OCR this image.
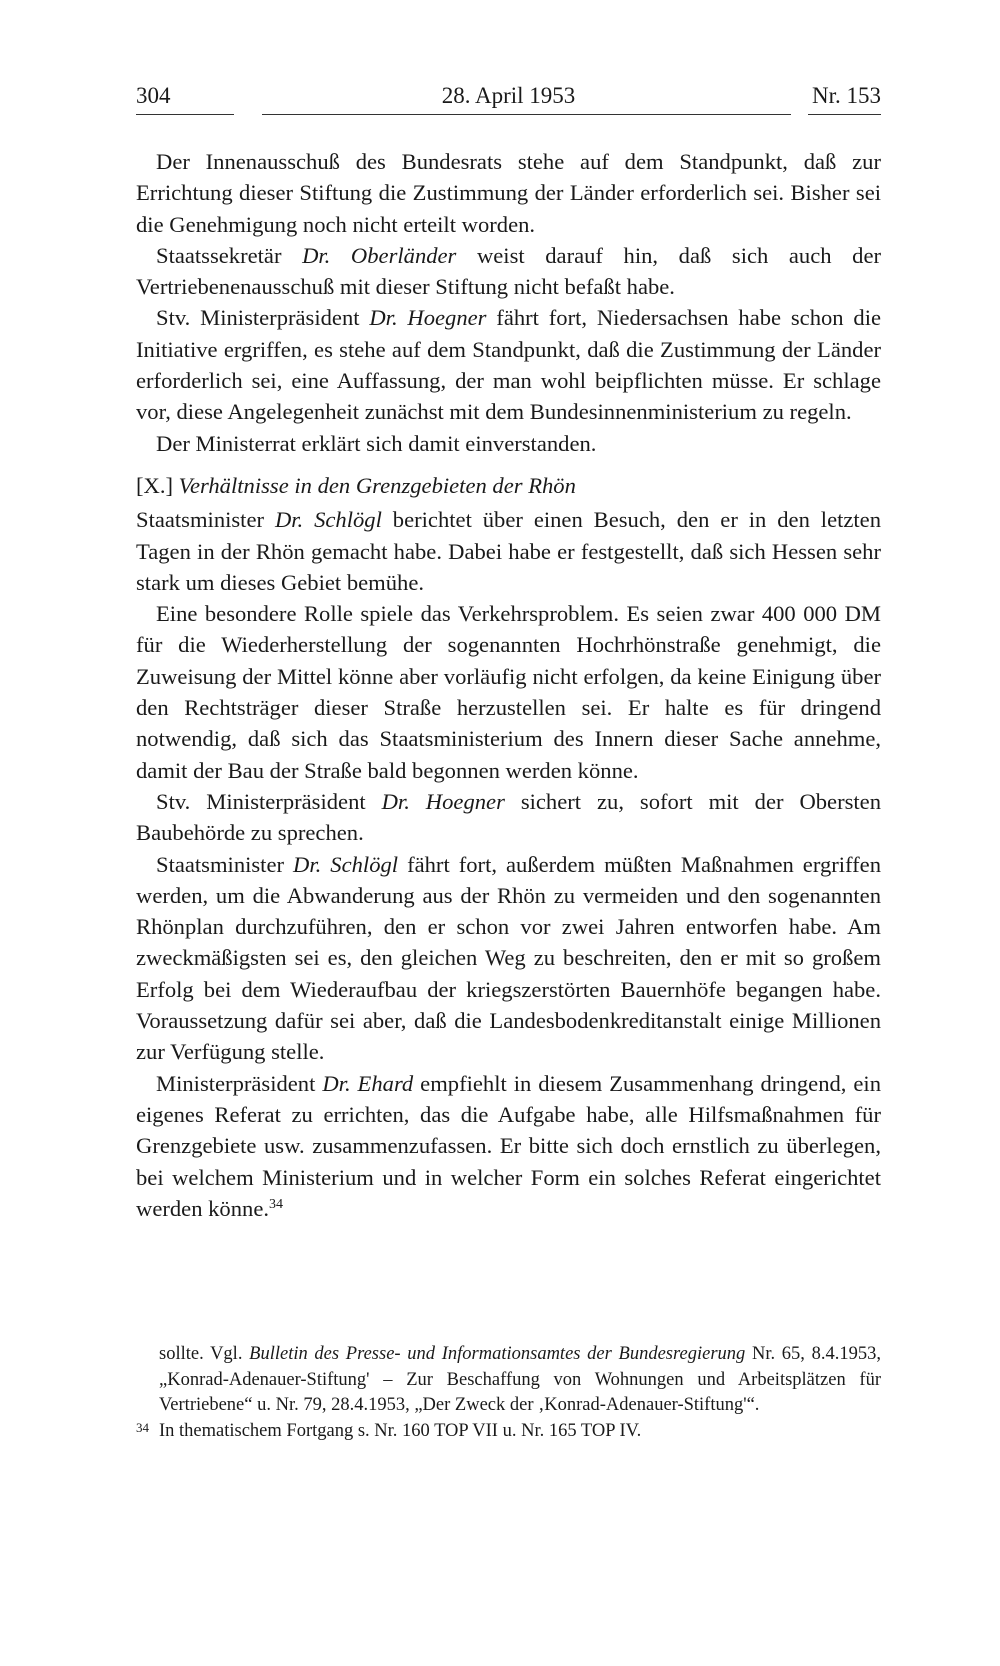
304	28. April 1953	Nr. 153

Der Innenausschuß des Bundesrats stehe auf dem Standpunkt, daß zur Errichtung dieser Stiftung die Zustimmung der Länder erforderlich sei. Bisher sei die Genehmigung noch nicht erteilt worden.

Staatssekretär Dr. Oberländer weist darauf hin, daß sich auch der Vertriebenenausschuß mit dieser Stiftung nicht befaßt habe.

Stv. Ministerpräsident Dr. Hoegner fährt fort, Niedersachsen habe schon die Initiative ergriffen, es stehe auf dem Standpunkt, daß die Zustimmung der Länder erforderlich sei, eine Auffassung, der man wohl beipflichten müsse. Er schlage vor, diese Angelegenheit zunächst mit dem Bundesinnenministerium zu regeln.

Der Ministerrat erklärt sich damit einverstanden.

[X.] Verhältnisse in den Grenzgebieten der Rhön

Staatsminister Dr. Schlögl berichtet über einen Besuch, den er in den letzten Tagen in der Rhön gemacht habe. Dabei habe er festgestellt, daß sich Hessen sehr stark um dieses Gebiet bemühe.

Eine besondere Rolle spiele das Verkehrsproblem. Es seien zwar 400 000 DM für die Wiederherstellung der sogenannten Hochrhönstraße genehmigt, die Zuweisung der Mittel könne aber vorläufig nicht erfolgen, da keine Einigung über den Rechtsträger dieser Straße herzustellen sei. Er halte es für dringend notwendig, daß sich das Staatsministerium des Innern dieser Sache annehme, damit der Bau der Straße bald begonnen werden könne.

Stv. Ministerpräsident Dr. Hoegner sichert zu, sofort mit der Obersten Baubehörde zu sprechen.

Staatsminister Dr. Schlögl fährt fort, außerdem müßten Maßnahmen ergriffen werden, um die Abwanderung aus der Rhön zu vermeiden und den sogenannten Rhönplan durchzuführen, den er schon vor zwei Jahren entworfen habe. Am zweckmäßigsten sei es, den gleichen Weg zu beschreiten, den er mit so großem Erfolg bei dem Wiederaufbau der kriegszerstörten Bauernhöfe begangen habe. Voraussetzung dafür sei aber, daß die Landesbodenkreditanstalt einige Millionen zur Verfügung stelle.

Ministerpräsident Dr. Ehard empfiehlt in diesem Zusammenhang dringend, ein eigenes Referat zu errichten, das die Aufgabe habe, alle Hilfsmaßnahmen für Grenzgebiete usw. zusammenzufassen. Er bitte sich doch ernstlich zu überlegen, bei welchem Ministerium und in welcher Form ein solches Referat eingerichtet werden könne.$^{34}$

sollte. Vgl. Bulletin des Presse- und Informationsamtes der Bundesregierung Nr. 65, 8.4.1953, „Konrad-Adenauer-Stiftung' – Zur Beschaffung von Wohnungen und Arbeitsplätzen für Vertriebene“ u. Nr. 79, 28.4.1953, „Der Zweck der ‚Konrad-Adenauer-Stiftung'“.

34 In thematischem Fortgang s. Nr. 160 TOP VII u. Nr. 165 TOP IV.
